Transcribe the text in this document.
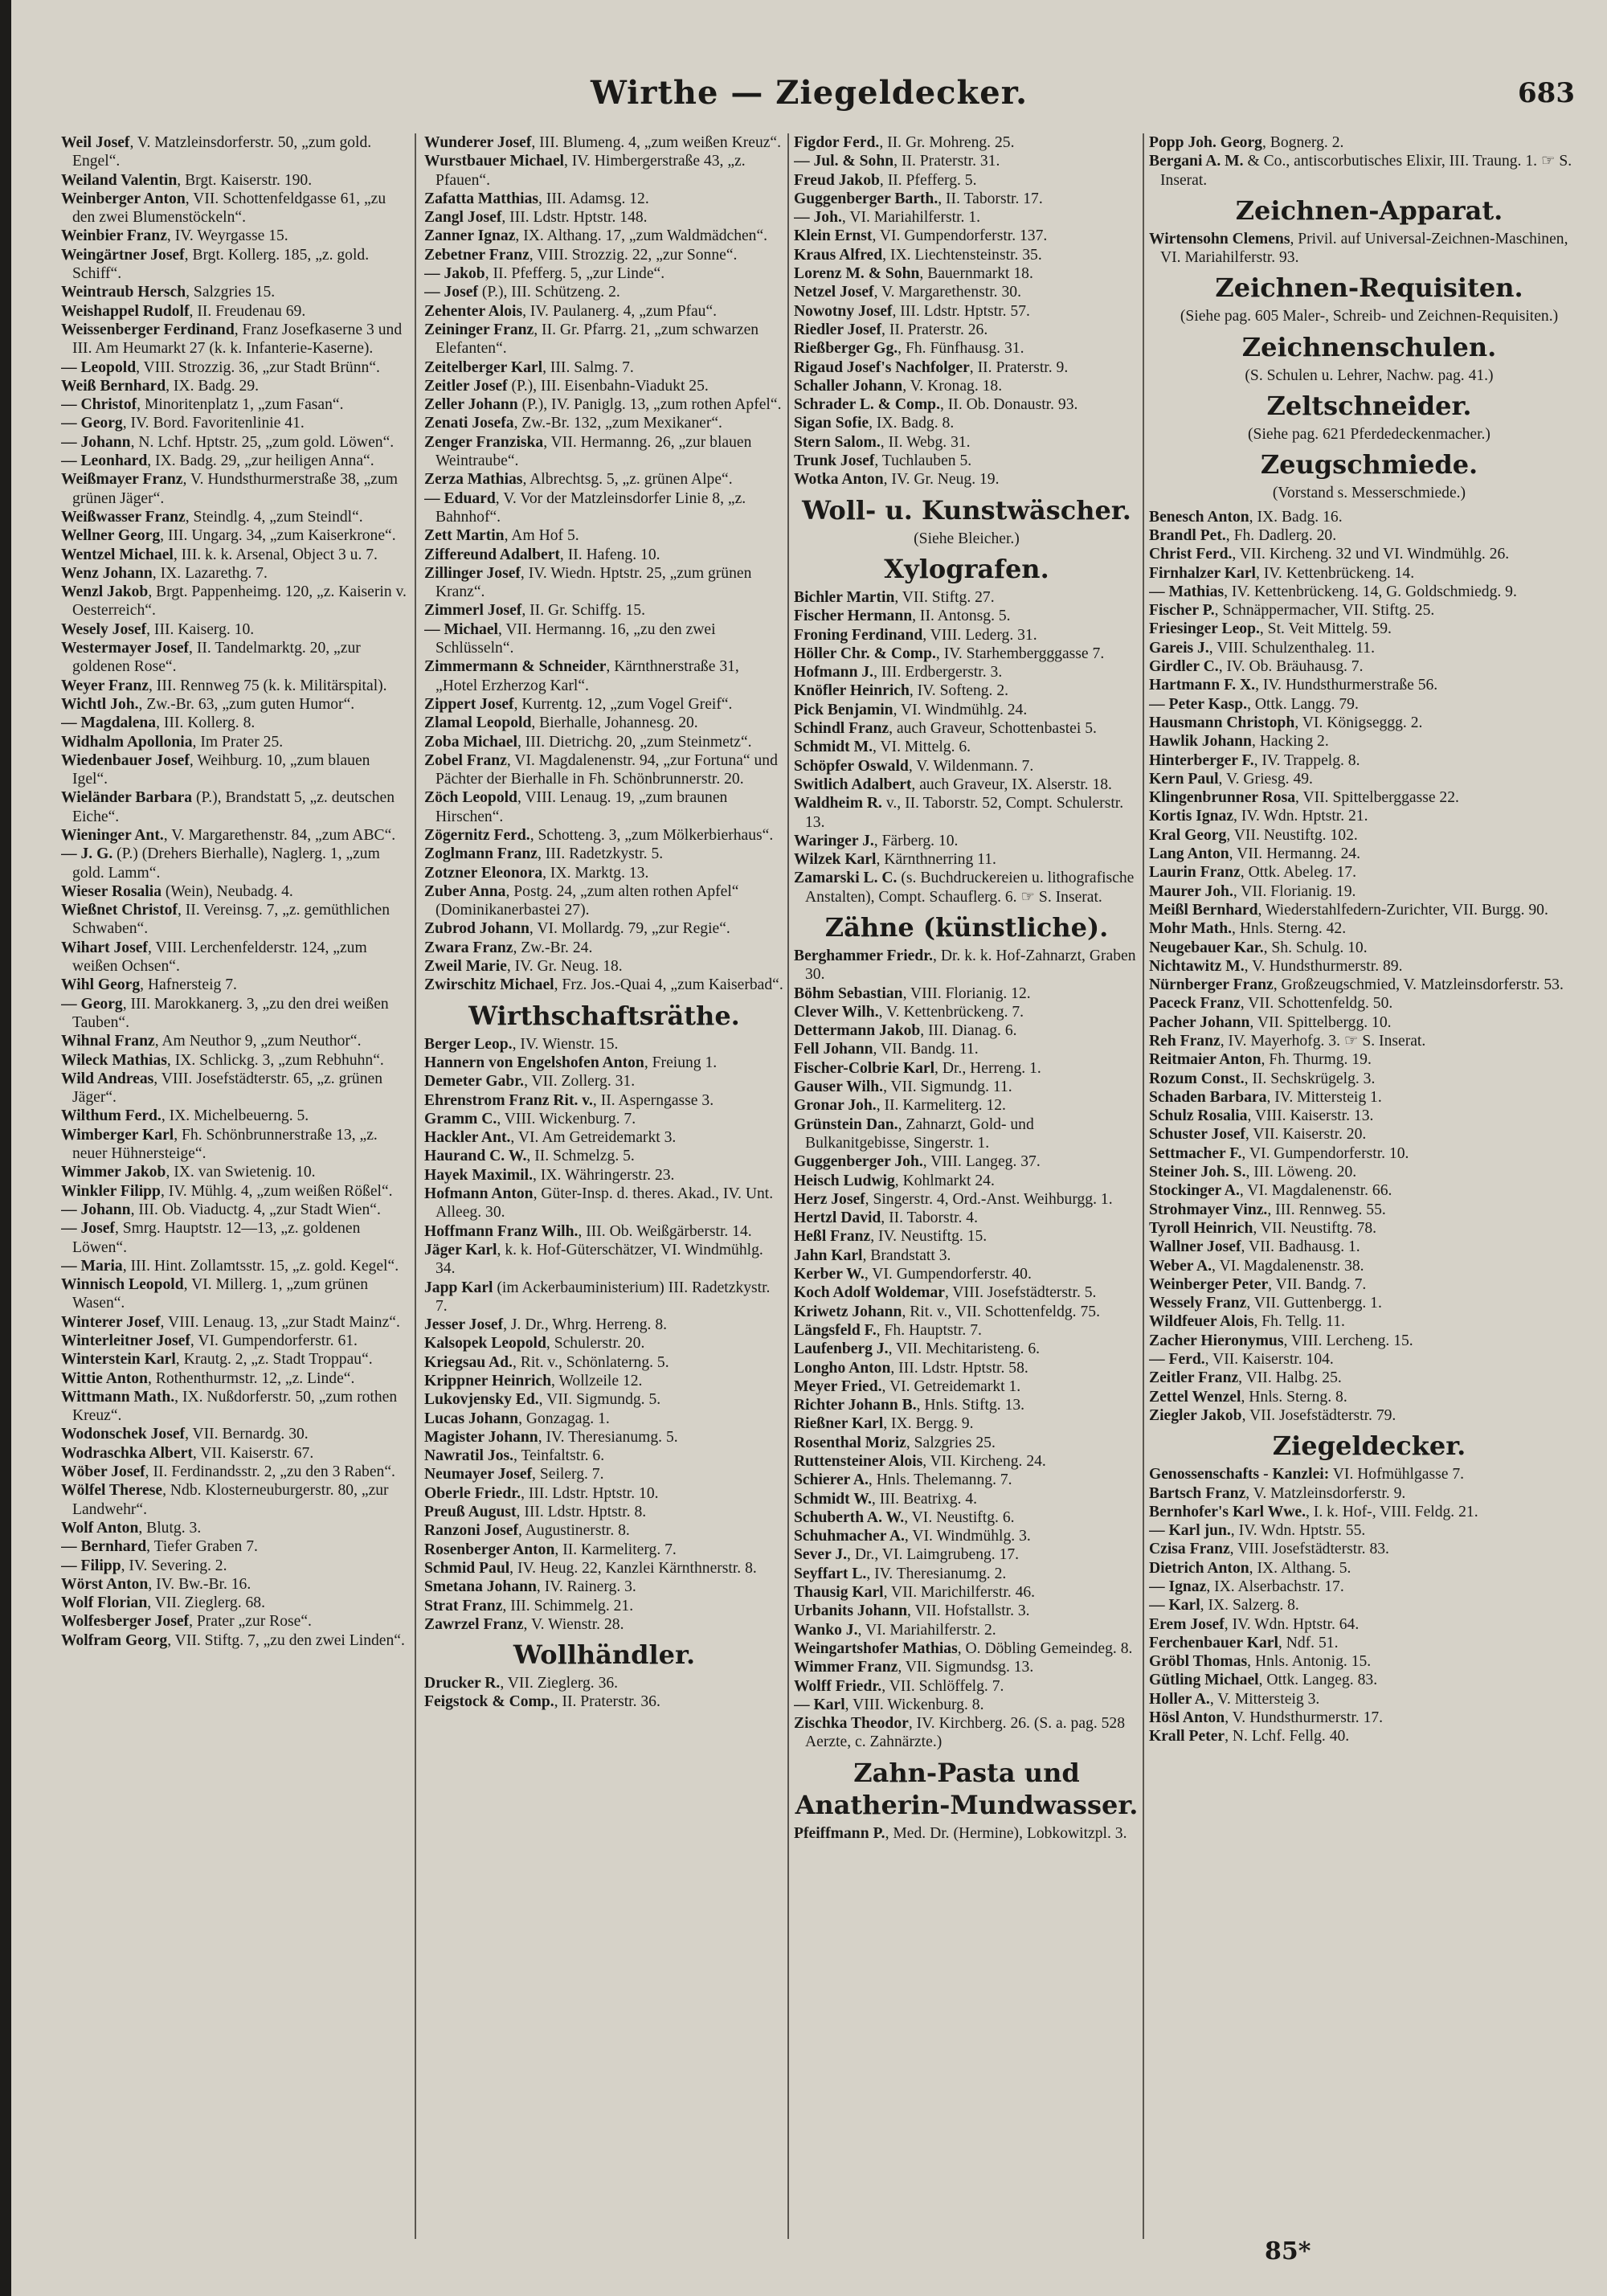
Wirthe — Ziegeldecker.	683
Weil Josef, V. Matzleinsdorferstr. 50, „zum gold. Engel“.
Weiland Valentin, Brgt. Kaiserstr. 190.
Weinberger Anton, VII. Schottenfeldgasse 61, „zu den zwei Blumenstöckeln“.
Weinbier Franz, IV. Weyrgasse 15.
Weingärtner Josef, Brgt. Kollerg. 185, „z. gold. Schiff“.
Weintraub Hersch, Salzgries 15.
Weishappel Rudolf, II. Freudenau 69.
Weissenberger Ferdinand, Franz Josefkaserne 3 und III. Am Heumarkt 27 (k. k. Infanterie-Kaserne).
— Leopold, VIII. Strozzig. 36, „zur Stadt Brünn“.
Weiß Bernhard, IX. Badg. 29.
— Christof, Minoritenplatz 1, „zum Fasan“.
— Georg, IV. Bord. Favoritenlinie 41.
— Johann, N. Lchf. Hptstr. 25, „zum gold. Löwen“.
— Leonhard, IX. Badg. 29, „zur heiligen Anna“.
Weißmayer Franz, V. Hundsthurmerstraße 38, „zum grünen Jäger“.
Weißwasser Franz, Steindlg. 4, „zum Steindl“.
Wellner Georg, III. Ungarg. 34, „zum Kaiserkrone“.
Wentzel Michael, III. k. k. Arsenal, Object 3 u. 7.
Wenz Johann, IX. Lazarethg. 7.
Wenzl Jakob, Brgt. Pappenheimg. 120, „z. Kaiserin v. Oesterreich“.
Wesely Josef, III. Kaiserg. 10.
Westermayer Josef, II. Tandelmarktg. 20, „zur goldenen Rose“.
Weyer Franz, III. Rennweg 75 (k. k. Militärspital).
Wichtl Joh., Zw.-Br. 63, „zum guten Humor“.
— Magdalena, III. Kollerg. 8.
Widhalm Apollonia, Im Prater 25.
Wiedenbauer Josef, Weihburg. 10, „zum blauen Igel“.
Wieländer Barbara (P.), Brandstatt 5, „z. deutschen Eiche“.
Wieninger Ant., V. Margarethenstr. 84, „zum ABC“.
— J. G. (P.) (Drehers Bierhalle), Naglerg. 1, „zum gold. Lamm“.
Wieser Rosalia (Wein), Neubadg. 4.
Wießnet Christof, II. Vereinsg. 7, „z. gemüthlichen Schwaben“.
Wihart Josef, VIII. Lerchenfelderstr. 124, „zum weißen Ochsen“.
Wihl Georg, Hafnersteig 7.
— Georg, III. Marokkanerg. 3, „zu den drei weißen Tauben“.
Wihnal Franz, Am Neuthor 9, „zum Neuthor“.
Wileck Mathias, IX. Schlickg. 3, „zum Rebhuhn“.
Wild Andreas, VIII. Josefstädterstr. 65, „z. grünen Jäger“.
Wilthum Ferd., IX. Michelbeuerng. 5.
Wimberger Karl, Fh. Schönbrunnerstraße 13, „z. neuer Hühnersteige“.
Wimmer Jakob, IX. van Swietenig. 10.
Winkler Filipp, IV. Mühlg. 4, „zum weißen Rößel“.
— Johann, III. Ob. Viaductg. 4, „zur Stadt Wien“.
— Josef, Smrg. Hauptstr. 12—13, „z. goldenen Löwen“.
— Maria, III. Hint. Zollamtsstr. 15, „z. gold. Kegel“.
Winnisch Leopold, VI. Millerg. 1, „zum grünen Wasen“.
Winterer Josef, VIII. Lenaug. 13, „zur Stadt Mainz“.
Winterleitner Josef, VI. Gumpendorferstr. 61.
Winterstein Karl, Krautg. 2, „z. Stadt Troppau“.
Wittie Anton, Rothenthurmstr. 12, „z. Linde“.
Wittmann Math., IX. Nußdorferstr. 50, „zum rothen Kreuz“.
Wodonschek Josef, VII. Bernardg. 30.
Wodraschka Albert, VII. Kaiserstr. 67.
Wöber Josef, II. Ferdinandsstr. 2, „zu den 3 Raben“.
Wölfel Therese, Ndb. Klosterneuburgerstr. 80, „zur Landwehr“.
Wolf Anton, Blutg. 3.
— Bernhard, Tiefer Graben 7.
— Filipp, IV. Severing. 2.
Wörst Anton, IV. Bw.-Br. 16.
Wolf Florian, VII. Zieglerg. 68.
Wolfesberger Josef, Prater „zur Rose“.
Wolfram Georg, VII. Stiftg. 7, „zu den zwei Linden“.
Wunderer Josef, III. Blumeng. 4, „zum weißen Kreuz“.
Wurstbauer Michael, IV. Himbergerstraße 43, „z. Pfauen“.
Zafatta Matthias, III. Adamsg. 12.
Zangl Josef, III. Ldstr. Hptstr. 148.
Zanner Ignaz, IX. Althang. 17, „zum Waldmädchen“.
Zebetner Franz, VIII. Strozzig. 22, „zur Sonne“.
— Jakob, II. Pfefferg. 5, „zur Linde“.
— Josef (P.), III. Schützeng. 2.
Zehenter Alois, IV. Paulanerg. 4, „zum Pfau“.
Zeininger Franz, II. Gr. Pfarrg. 21, „zum schwarzen Elefanten“.
Zeitelberger Karl, III. Salmg. 7.
Zeitler Josef (P.), III. Eisenbahn-Viadukt 25.
Zeller Johann (P.), IV. Paniglg. 13, „zum rothen Apfel“.
Zenati Josefa, Zw.-Br. 132, „zum Mexikaner“.
Zenger Franziska, VII. Hermanng. 26, „zur blauen Weintraube“.
Zerza Mathias, Albrechtsg. 5, „z. grünen Alpe“.
— Eduard, V. Vor der Matzleinsdorfer Linie 8, „z. Bahnhof“.
Zett Martin, Am Hof 5.
Ziffereund Adalbert, II. Hafeng. 10.
Zillinger Josef, IV. Wiedn. Hptstr. 25, „zum grünen Kranz“.
Zimmerl Josef, II. Gr. Schiffg. 15.
— Michael, VII. Hermanng. 16, „zu den zwei Schlüsseln“.
Zimmermann & Schneider, Kärnthnerstraße 31, „Hotel Erzherzog Karl“.
Zippert Josef, Kurrentg. 12, „zum Vogel Greif“.
Zlamal Leopold, Bierhalle, Johannesg. 20.
Zoba Michael, III. Dietrichg. 20, „zum Steinmetz“.
Zobel Franz, VI. Magdalenenstr. 94, „zur Fortuna“ und Pächter der Bierhalle in Fh. Schönbrunnerstr. 20.
Zöch Leopold, VIII. Lenaug. 19, „zum braunen Hirschen“.
Zögernitz Ferd., Schotteng. 3, „zum Mölkerbierhaus“.
Zoglmann Franz, III. Radetzkystr. 5.
Zotzner Eleonora, IX. Marktg. 13.
Zuber Anna, Postg. 24, „zum alten rothen Apfel“ (Dominikanerbastei 27).
Zubrod Johann, VI. Mollardg. 79, „zur Regie“.
Zwara Franz, Zw.-Br. 24.
Zweil Marie, IV. Gr. Neug. 18.
Zwirschitz Michael, Frz. Jos.-Quai 4, „zum Kaiserbad“.
Wirthschaftsräthe.
Berger Leop., IV. Wienstr. 15.
Hannern von Engelshofen Anton, Freiung 1.
Demeter Gabr., VII. Zollerg. 31.
Ehrenstrom Franz Rit. v., II. Asperngasse 3.
Gramm C., VIII. Wickenburg. 7.
Hackler Ant., VI. Am Getreidemarkt 3.
Haurand C. W., II. Schmelzg. 5.
Hayek Maximil., IX. Währingerstr. 23.
Hofmann Anton, Güter-Insp. d. theres. Akad., IV. Unt. Alleeg. 30.
Hoffmann Franz Wilh., III. Ob. Weißgärberstr. 14.
Jäger Karl, k. k. Hof-Güterschätzer, VI. Windmühlg. 34.
Japp Karl (im Ackerbauministerium) III. Radetzkystr. 7.
Jesser Josef, J. Dr., Whrg. Herreng. 8.
Kalsopek Leopold, Schulerstr. 20.
Kriegsau Ad., Rit. v., Schönlaterng. 5.
Krippner Heinrich, Wollzeile 12.
Lukovjensky Ed., VII. Sigmundg. 5.
Lucas Johann, Gonzagag. 1.
Magister Johann, IV. Theresianumg. 5.
Nawratil Jos., Teinfaltstr. 6.
Neumayer Josef, Seilerg. 7.
Oberle Friedr., III. Ldstr. Hptstr. 10.
Preuß August, III. Ldstr. Hptstr. 8.
Ranzoni Josef, Augustinerstr. 8.
Rosenberger Anton, II. Karmeliterg. 7.
Schmid Paul, IV. Heug. 22, Kanzlei Kärnthnerstr. 8.
Smetana Johann, IV. Rainerg. 3.
Strat Franz, III. Schimmelg. 21.
Zawrzel Franz, V. Wienstr. 28.
Wollhändler.
Drucker R., VII. Zieglerg. 36.
Feigstock & Comp., II. Praterstr. 36.
Figdor Ferd., II. Gr. Mohreng. 25.
— Jul. & Sohn, II. Praterstr. 31.
Freud Jakob, II. Pfefferg. 5.
Guggenberger Barth., II. Taborstr. 17.
— Joh., VI. Mariahilferstr. 1.
Klein Ernst, VI. Gumpendorferstr. 137.
Kraus Alfred, IX. Liechtensteinstr. 35.
Lorenz M. & Sohn, Bauernmarkt 18.
Netzel Josef, V. Margarethenstr. 30.
Nowotny Josef, III. Ldstr. Hptstr. 57.
Riedler Josef, II. Praterstr. 26.
Rießberger Gg., Fh. Fünfhausg. 31.
Rigaud Josef's Nachfolger, II. Praterstr. 9.
Schaller Johann, V. Kronag. 18.
Schrader L. & Comp., II. Ob. Donaustr. 93.
Sigan Sofie, IX. Badg. 8.
Stern Salom., II. Webg. 31.
Trunk Josef, Tuchlauben 5.
Wotka Anton, IV. Gr. Neug. 19.
Woll- u. Kunstwäscher.
(Siehe Bleicher.)
Xylografen.
Bichler Martin, VII. Stiftg. 27.
Fischer Hermann, II. Antonsg. 5.
Froning Ferdinand, VIII. Lederg. 31.
Höller Chr. & Comp., IV. Starhembergggasse 7.
Hofmann J., III. Erdbergerstr. 3.
Knöfler Heinrich, IV. Softeng. 2.
Pick Benjamin, VI. Windmühlg. 24.
Schindl Franz, auch Graveur, Schottenbastei 5.
Schmidt M., VI. Mittelg. 6.
Schöpfer Oswald, V. Wildenmann. 7.
Switlich Adalbert, auch Graveur, IX. Alserstr. 18.
Waldheim R. v., II. Taborstr. 52, Compt. Schulerstr. 13.
Waringer J., Färberg. 10.
Wilzek Karl, Kärnthnerring 11.
Zamarski L. C. (s. Buchdruckereien u. lithografische Anstalten), Compt. Schauflerg. 6. ☞ S. Inserat.
Zähne (künstliche).
Berghammer Friedr., Dr. k. k. Hof-Zahnarzt, Graben 30.
Böhm Sebastian, VIII. Florianig. 12.
Clever Wilh., V. Kettenbrückeng. 7.
Dettermann Jakob, III. Dianag. 6.
Fell Johann, VII. Bandg. 11.
Fischer-Colbrie Karl, Dr., Herreng. 1.
Gauser Wilh., VII. Sigmundg. 11.
Gronar Joh., II. Karmeliterg. 12.
Grünstein Dan., Zahnarzt, Gold- und Bulkanitgebisse, Singerstr. 1.
Guggenberger Joh., VIII. Langeg. 37.
Heisch Ludwig, Kohlmarkt 24.
Herz Josef, Singerstr. 4, Ord.-Anst. Weihburgg. 1.
Hertzl David, II. Taborstr. 4.
Heßl Franz, IV. Neustiftg. 15.
Jahn Karl, Brandstatt 3.
Kerber W., VI. Gumpendorferstr. 40.
Koch Adolf Woldemar, VIII. Josefstädterstr. 5.
Kriwetz Johann, Rit. v., VII. Schottenfeldg. 75.
Längsfeld F., Fh. Hauptstr. 7.
Laufenberg J., VII. Mechitaristeng. 6.
Longho Anton, III. Ldstr. Hptstr. 58.
Meyer Fried., VI. Getreidemarkt 1.
Richter Johann B., Hnls. Stiftg. 13.
Rießner Karl, IX. Bergg. 9.
Rosenthal Moriz, Salzgries 25.
Ruttensteiner Alois, VII. Kircheng. 24.
Schierer A., Hnls. Thelemanng. 7.
Schmidt W., III. Beatrixg. 4.
Schuberth A. W., VI. Neustiftg. 6.
Schuhmacher A., VI. Windmühlg. 3.
Sever J., Dr., VI. Laimgrubeng. 17.
Seyffart L., IV. Theresianumg. 2.
Thausig Karl, VII. Marichilferstr. 46.
Urbanits Johann, VII. Hofstallstr. 3.
Wanko J., VI. Mariahilferstr. 2.
Weingartshofer Mathias, O. Döbling Gemeindeg. 8.
Wimmer Franz, VII. Sigmundsg. 13.
Wolff Friedr., VII. Schlöffelg. 7.
— Karl, VIII. Wickenburg. 8.
Zischka Theodor, IV. Kirchberg. 26. (S. a. pag. 528 Aerzte, c. Zahnärzte.)
Zahn-Pasta und Anatherin-Mundwasser.
Pfeiffmann P., Med. Dr. (Hermine), Lobkowitzpl. 3.
Popp Joh. Georg, Bognerg. 2.
Bergani A. M. & Co., antiscorbutisches Elixir, III. Traung. 1. ☞ S. Inserat.
Zeichnen-Apparat.
Wirtensohn Clemens, Privil. auf Universal-Zeichnen-Maschinen, VI. Mariahilferstr. 93.
Zeichnen-Requisiten.
(Siehe pag. 605 Maler-, Schreib- und Zeichnen-Requisiten.)
Zeichnenschulen.
(S. Schulen u. Lehrer, Nachw. pag. 41.)
Zeltschneider.
(Siehe pag. 621 Pferdedeckenmacher.)
Zeugschmiede.
(Vorstand s. Messerschmiede.)
Benesch Anton, IX. Badg. 16.
Brandl Pet., Fh. Dadlerg. 20.
Christ Ferd., VII. Kircheng. 32 und VI. Windmühlg. 26.
Firnhalzer Karl, IV. Kettenbrückeng. 14.
— Mathias, IV. Kettenbrückeng. 14, G. Goldschmiedg. 9.
Fischer P., Schnäppermacher, VII. Stiftg. 25.
Friesinger Leop., St. Veit Mittelg. 59.
Gareis J., VIII. Schulzenthaleg. 11.
Girdler C., IV. Ob. Bräuhausg. 7.
Hartmann F. X., IV. Hundsthurmerstraße 56.
— Peter Kasp., Ottk. Langg. 79.
Hausmann Christoph, VI. Königseggg. 2.
Hawlik Johann, Hacking 2.
Hinterberger F., IV. Trappelg. 8.
Kern Paul, V. Griesg. 49.
Klingenbrunner Rosa, VII. Spittelberggasse 22.
Kortis Ignaz, IV. Wdn. Hptstr. 21.
Kral Georg, VII. Neustiftg. 102.
Lang Anton, VII. Hermanng. 24.
Laurin Franz, Ottk. Abeleg. 17.
Maurer Joh., VII. Florianig. 19.
Meißl Bernhard, Wiederstahlfedern-Zurichter, VII. Burgg. 90.
Mohr Math., Hnls. Sterng. 42.
Neugebauer Kar., Sh. Schulg. 10.
Nichtawitz M., V. Hundsthurmerstr. 89.
Nürnberger Franz, Großzeugschmied, V. Matzleinsdorferstr. 53.
Paceck Franz, VII. Schottenfeldg. 50.
Pacher Johann, VII. Spittelbergg. 10.
Reh Franz, IV. Mayerhofg. 3. ☞ S. Inserat.
Reitmaier Anton, Fh. Thurmg. 19.
Rozum Const., II. Sechskrügelg. 3.
Schaden Barbara, IV. Mittersteig 1.
Schulz Rosalia, VIII. Kaiserstr. 13.
Schuster Josef, VII. Kaiserstr. 20.
Settmacher F., VI. Gumpendorferstr. 10.
Steiner Joh. S., III. Löweng. 20.
Stockinger A., VI. Magdalenenstr. 66.
Strohmayer Vinz., III. Rennweg. 55.
Tyroll Heinrich, VII. Neustiftg. 78.
Wallner Josef, VII. Badhausg. 1.
Weber A., VI. Magdalenenstr. 38.
Weinberger Peter, VII. Bandg. 7.
Wessely Franz, VII. Guttenbergg. 1.
Wildfeuer Alois, Fh. Tellg. 11.
Zacher Hieronymus, VIII. Lercheng. 15.
— Ferd., VII. Kaiserstr. 104.
Zeitler Franz, VII. Halbg. 25.
Zettel Wenzel, Hnls. Sterng. 8.
Ziegler Jakob, VII. Josefstädterstr. 79.
Ziegeldecker.
Genossenschafts - Kanzlei: VI. Hofmühlgasse 7.
Bartsch Franz, V. Matzleinsdorferstr. 9.
Bernhofer's Karl Wwe., I. k. Hof-, VIII. Feldg. 21.
— Karl jun., IV. Wdn. Hptstr. 55.
Czisa Franz, VIII. Josefstädterstr. 83.
Dietrich Anton, IX. Althang. 5.
— Ignaz, IX. Alserbachstr. 17.
— Karl, IX. Salzerg. 8.
Erem Josef, IV. Wdn. Hptstr. 64.
Ferchenbauer Karl, Ndf. 51.
Gröbl Thomas, Hnls. Antonig. 15.
Gütling Michael, Ottk. Langeg. 83.
Holler A., V. Mittersteig 3.
Hösl Anton, V. Hundsthurmerstr. 17.
Krall Peter, N. Lchf. Fellg. 40.
85*
